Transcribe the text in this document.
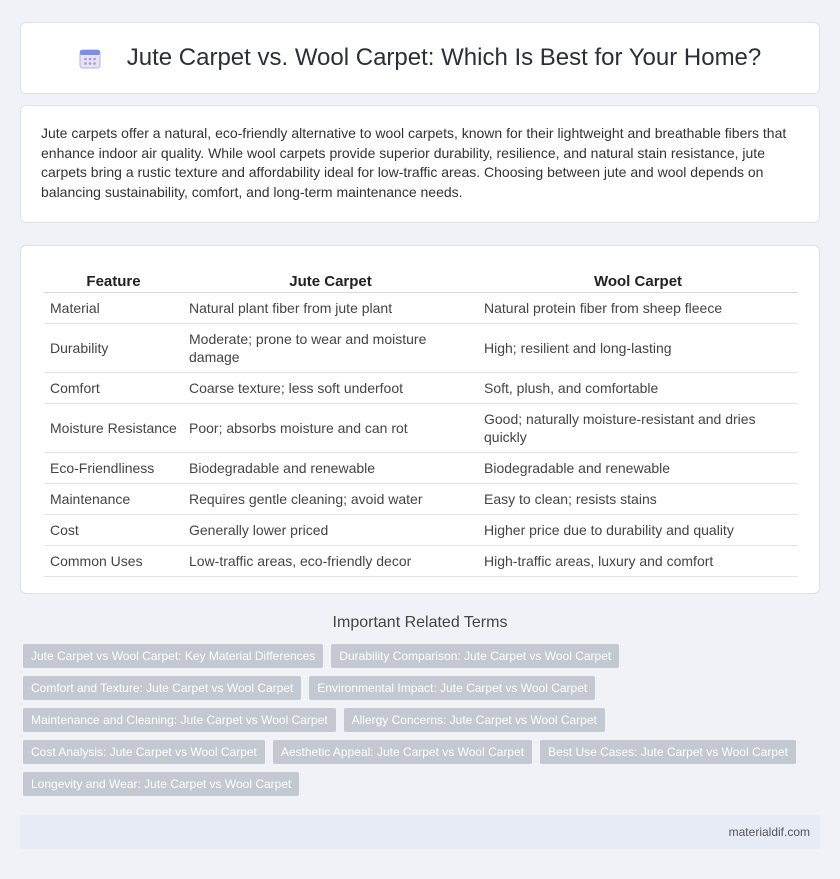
Jute Carpet vs. Wool Carpet: Which Is Best for Your Home?

Jute carpets offer a natural, eco-friendly alternative to wool carpets, known for their lightweight and breathable fibers that enhance indoor air quality. While wool carpets provide superior durability, resilience, and natural stain resistance, jute carpets bring a rustic texture and affordability ideal for low-traffic areas. Choosing between jute and wool depends on balancing sustainability, comfort, and long-term maintenance needs.

Feature	Jute Carpet	Wool Carpet
Material	Natural plant fiber from jute plant	Natural protein fiber from sheep fleece
Durability	Moderate; prone to wear and moisture damage	High; resilient and long-lasting
Comfort	Coarse texture; less soft underfoot	Soft, plush, and comfortable
Moisture Resistance	Poor; absorbs moisture and can rot	Good; naturally moisture-resistant and dries quickly
Eco-Friendliness	Biodegradable and renewable	Biodegradable and renewable
Maintenance	Requires gentle cleaning; avoid water	Easy to clean; resists stains
Cost	Generally lower priced	Higher price due to durability and quality
Common Uses	Low-traffic areas, eco-friendly decor	High-traffic areas, luxury and comfort
Important Related Terms
Jute Carpet vs Wool Carpet: Key Material Differences	Durability Comparison: Jute Carpet vs Wool Carpet
Comfort and Texture: Jute Carpet vs Wool Carpet	Environmental Impact: Jute Carpet vs Wool Carpet
Maintenance and Cleaning: Jute Carpet vs Wool Carpet	Allergy Concerns: Jute Carpet vs Wool Carpet
Cost Analysis: Jute Carpet vs Wool Carpet	Aesthetic Appeal: Jute Carpet vs Wool Carpet	Best Use Cases: Jute Carpet vs Wool Carpet
Longevity and Wear: Jute Carpet vs Wool Carpet
materialdif.com
